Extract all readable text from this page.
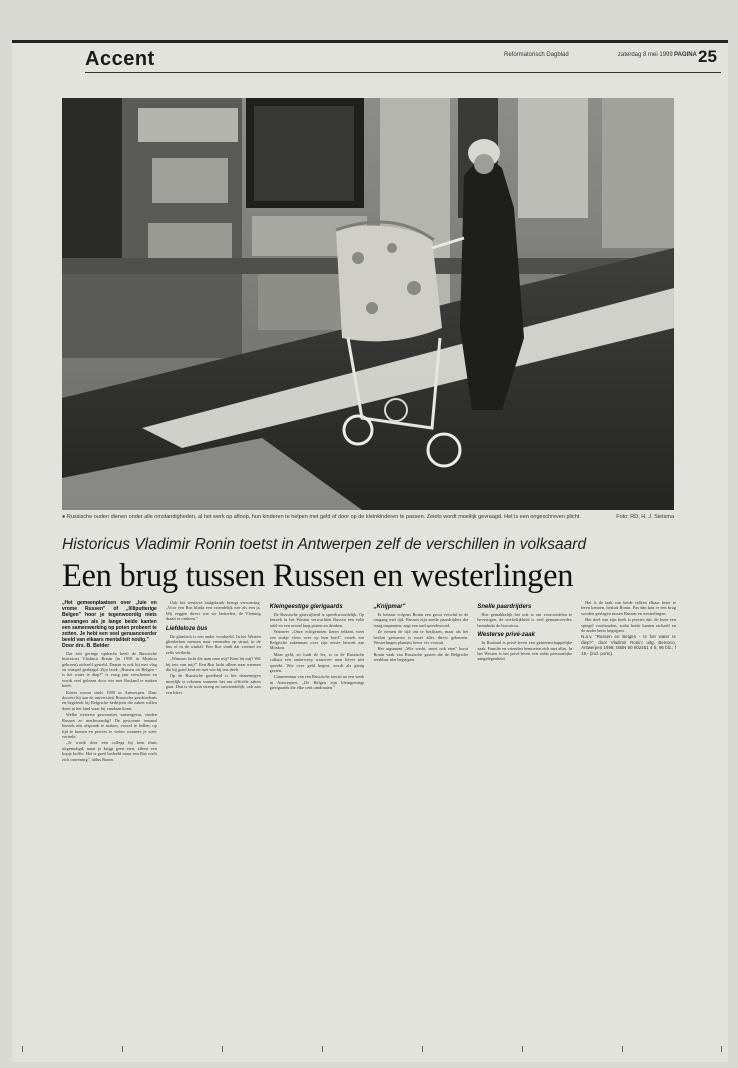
Accent	Reformatorisch Dagblad	zaterdag 8 mei 1999 PAGINA 25
● Russische ouden dienen onder alle omstandigheden, al het werk op afloop, hun kinderen te helpen met geld of door op de kleinkinderen te passen. Zeiets wordt moeilijk gevraagd. Het is een ongeschreven plicht.	Foto: RD, H. J. Sietsma
Historicus Vladimir Ronin toetst in Antwerpen zelf de verschillen in volksaard
Een brug tussen Russen en westerlingen

„Het gemeenplaatsen over „luie en vrome Russen" of „lilliputterige Belgen" hoor je tegenwoordig niets aanvangen als je lange beide kanten een samenwerking op poten probeert te zetten. Je hebt een veel genuanceerder beeld van elkaars mentaliteit nodig."

Door drs. B. Belder

Dat zeit geringe opdracht heeft de Russische historicus Vladimir Ronin (in 1958 in Moskou geboren) zichzelf gesteld. Daarin is ook bij met vlag en wimpel geslaagd. Zijn boek „Russen en Belgen - is het water te diep?" is vorig jaar verschenen en wordt veel gelezen door wie met Rusland te maken heeft.

Ronin woont sinds 1990 in Antwerpen. Daar doceert hij aan de universiteit Russische geschiedenis en begeleidt hij Belgische bedrijven die zaken willen doen in het land waar hij vandaan komt.

Welke westerse gewoonten, samengevat, vinden Russen zo merkwaardig? De gewoonte iemand bezoek een afspraak te maken, vooraf te bellen, op tijd te komen en precies te weten wanneer je weer vertrekt.

„Je wordt door een collega bij hem thuis uitgenodigd, maar je krijgt geen eten, alleen een kopje koffie. Het is goed bedoeld maar een Rus voelt zich onwennig", aldus Ronin.

Ook het westerse taalgebruik brengt verwarring. „Voor een Rus klinkt een vriendelijk nee als een ja. Wij zeggen direct wat we bedoelen, de Vlaming draait er omheen."

Liefdeloze bus

De glimlach is een ander voorbeeld. In het Westen glimlachen mensen naar vreemden op straat, in de bus of in de winkel. Een Rus vindt dat vreemd en zelfs verdacht.

„Waarom lacht die man naar mij? Kent hij mij? Wil hij iets van mij?" Een Rus lacht alleen naar mensen die hij goed kent en met wie hij iets deelt.

Op de Russische goedheid is het daarentegen moeilijk te rekenen wanneer het om officiële zaken gaat. Dan is de toon streng en onvriendelijk, ook aan een loket.

Kleingeestige gierigaards

De Russische gastvrijheid is spreekwoordelijk. Op bezoek in het Westen verwachten Russen een volle tafel en een avond lang praten en drinken.

Wanneer „Onze echtgenoten lieten telkens weer een stukje vlees over op hun bord", vertelt een Belgische zakenman over zijn eerste bezoek aan Moskou.

Maar geld, zo luidt de les, is in de Russische cultuur een onderwerp waarover men liever niet spreekt. Wie over geld begint, wordt als gierig gezien.

Commentaar van een Russische toerist na een week in Antwerpen: „De Belgen zijn kleingeestige gierigaards die elke cent omdraaien."

„Knijpmar"

Er bestaat volgens Ronin een groot verschil in de omgang met tijd. Russen zijn snelle paardrijders die traag inspannen, zegt een oud spreekwoord.

Ze nemen de tijd om te beslissen, maar als het besluit genomen is moet alles direct gebeuren. Westerlingen plannen liever ver vooruit.

Het argument „Wie werkt, moet ook eten" hoort Ronin vaak van Russische gasten die de Belgische werklust niet begrijpen.

Snelle paardrijders

Hoe gemakkelijk het ook is om vooroordelen te bevestigen, de werkelijkheid is veel genuanceerder, benadrukt de historicus.

Westerse privé-zaak

In Rusland is privé-leven een gemeenschappelijke zaak. Familie en vrienden bemoeien zich met alles. In het Westen is het privé-leven een strikt persoonlijke aangelegenheid.

Het is de taak van beide volken elkaar beter te leren kennen, besluit Ronin. Pas dan kan er een brug worden geslagen tussen Russen en westerlingen.

Het doel van zijn boek is precies dat: de lezer een spiegel voorhouden, zodat beide kanten zichzelf en de ander beter begrijpen.

N.a.v. "Russen en Belgen - Is het water te diep?", door Vladimir Ronin; uitg. Berenco, Antwerpen 1998; ISBN 90 802461 4 5; 96 blz.; f 19,- (incl. porto).
